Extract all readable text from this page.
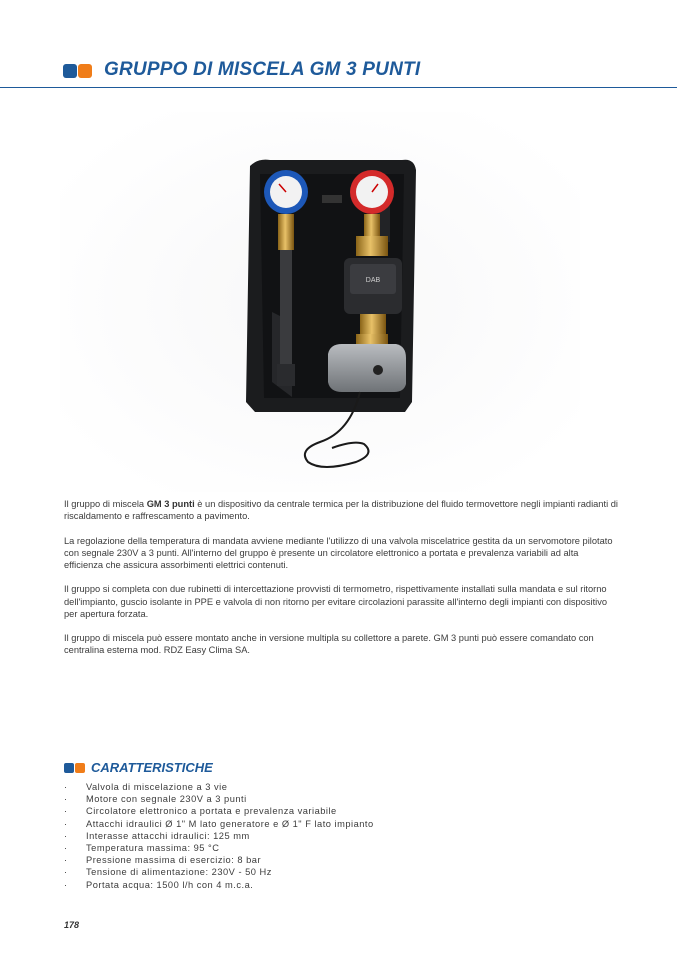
GRUPPO DI MISCELA GM 3 PUNTI
DAB

Il gruppo di miscela GM 3 punti è un dispositivo da centrale termica per la distribuzione del fluido termovettore negli impianti radianti di riscaldamento e raffrescamento a pavimento.

La regolazione della temperatura di mandata avviene mediante l'utilizzo di una valvola miscelatrice gestita da un servomotore pilotato con segnale 230V a 3 punti. All'interno del gruppo è presente un circolatore elettronico a portata e prevalenza variabili ad alta efficienza che assicura assorbimenti elettrici contenuti.

Il gruppo si completa con due rubinetti di intercettazione provvisti di termometro, rispettivamente installati sulla mandata e sul ritorno dell'impianto, guscio isolante in PPE e valvola di non ritorno per evitare circolazioni parassite all'interno degli impianti con dispositivo per apertura forzata.

Il gruppo di miscela può essere montato anche in versione multipla su collettore a parete. GM 3 punti può essere comandato con centralina esterna mod. RDZ Easy Clima SA.

CARATTERISTICHE
·	Valvola di miscelazione a 3 vie
·	Motore con segnale 230V a 3 punti
·	Circolatore elettronico a portata e prevalenza variabile
·	Attacchi idraulici Ø 1" M lato generatore e Ø 1" F lato impianto
·	Interasse attacchi idraulici: 125 mm
·	Temperatura massima: 95 °C
·	Pressione massima di esercizio: 8 bar
·	Tensione di alimentazione: 230V - 50 Hz
·	Portata acqua: 1500 l/h con 4 m.c.a.
178
